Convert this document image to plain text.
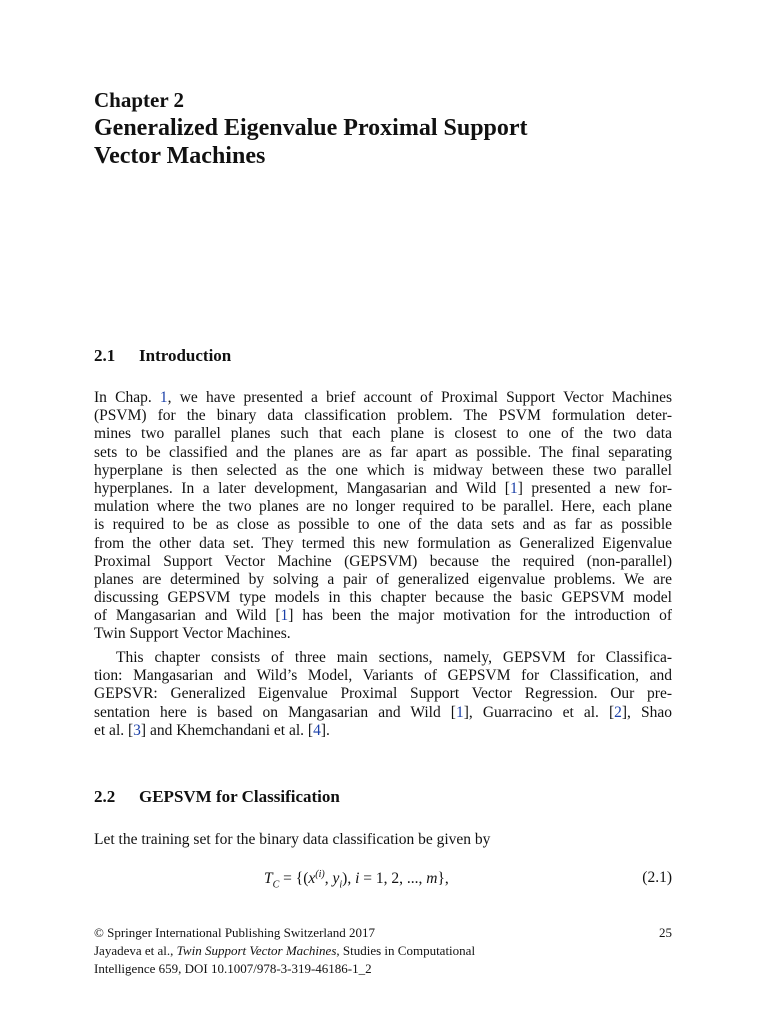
Chapter 2
Generalized Eigenvalue Proximal Support
Vector Machines
2.1 Introduction
In Chap. 1, we have presented a brief account of Proximal Support Vector Machines
(PSVM) for the binary data classification problem. The PSVM formulation deter-
mines two parallel planes such that each plane is closest to one of the two data
sets to be classified and the planes are as far apart as possible. The final separating
hyperplane is then selected as the one which is midway between these two parallel
hyperplanes. In a later development, Mangasarian and Wild [1] presented a new for-
mulation where the two planes are no longer required to be parallel. Here, each plane
is required to be as close as possible to one of the data sets and as far as possible
from the other data set. They termed this new formulation as Generalized Eigenvalue
Proximal Support Vector Machine (GEPSVM) because the required (non-parallel)
planes are determined by solving a pair of generalized eigenvalue problems. We are
discussing GEPSVM type models in this chapter because the basic GEPSVM model
of Mangasarian and Wild [1] has been the major motivation for the introduction of
Twin Support Vector Machines.
This chapter consists of three main sections, namely, GEPSVM for Classifica-
tion: Mangasarian and Wild’s Model, Variants of GEPSVM for Classification, and
GEPSVR: Generalized Eigenvalue Proximal Support Vector Regression. Our pre-
sentation here is based on Mangasarian and Wild [1], Guarracino et al. [2], Shao
et al. [3] and Khemchandani et al. [4].
2.2 GEPSVM for Classification
Let the training set for the binary data classification be given by
$T_C = \{(x^{(i)}$, $y_i$), i = 1, 2, ..., m},	(2.1)
© Springer International Publishing Switzerland 2017
Jayadeva et al., Twin Support Vector Machines, Studies in Computational
Intelligence 659, DOI 10.1007/978-3-319-46186-1_2
25
